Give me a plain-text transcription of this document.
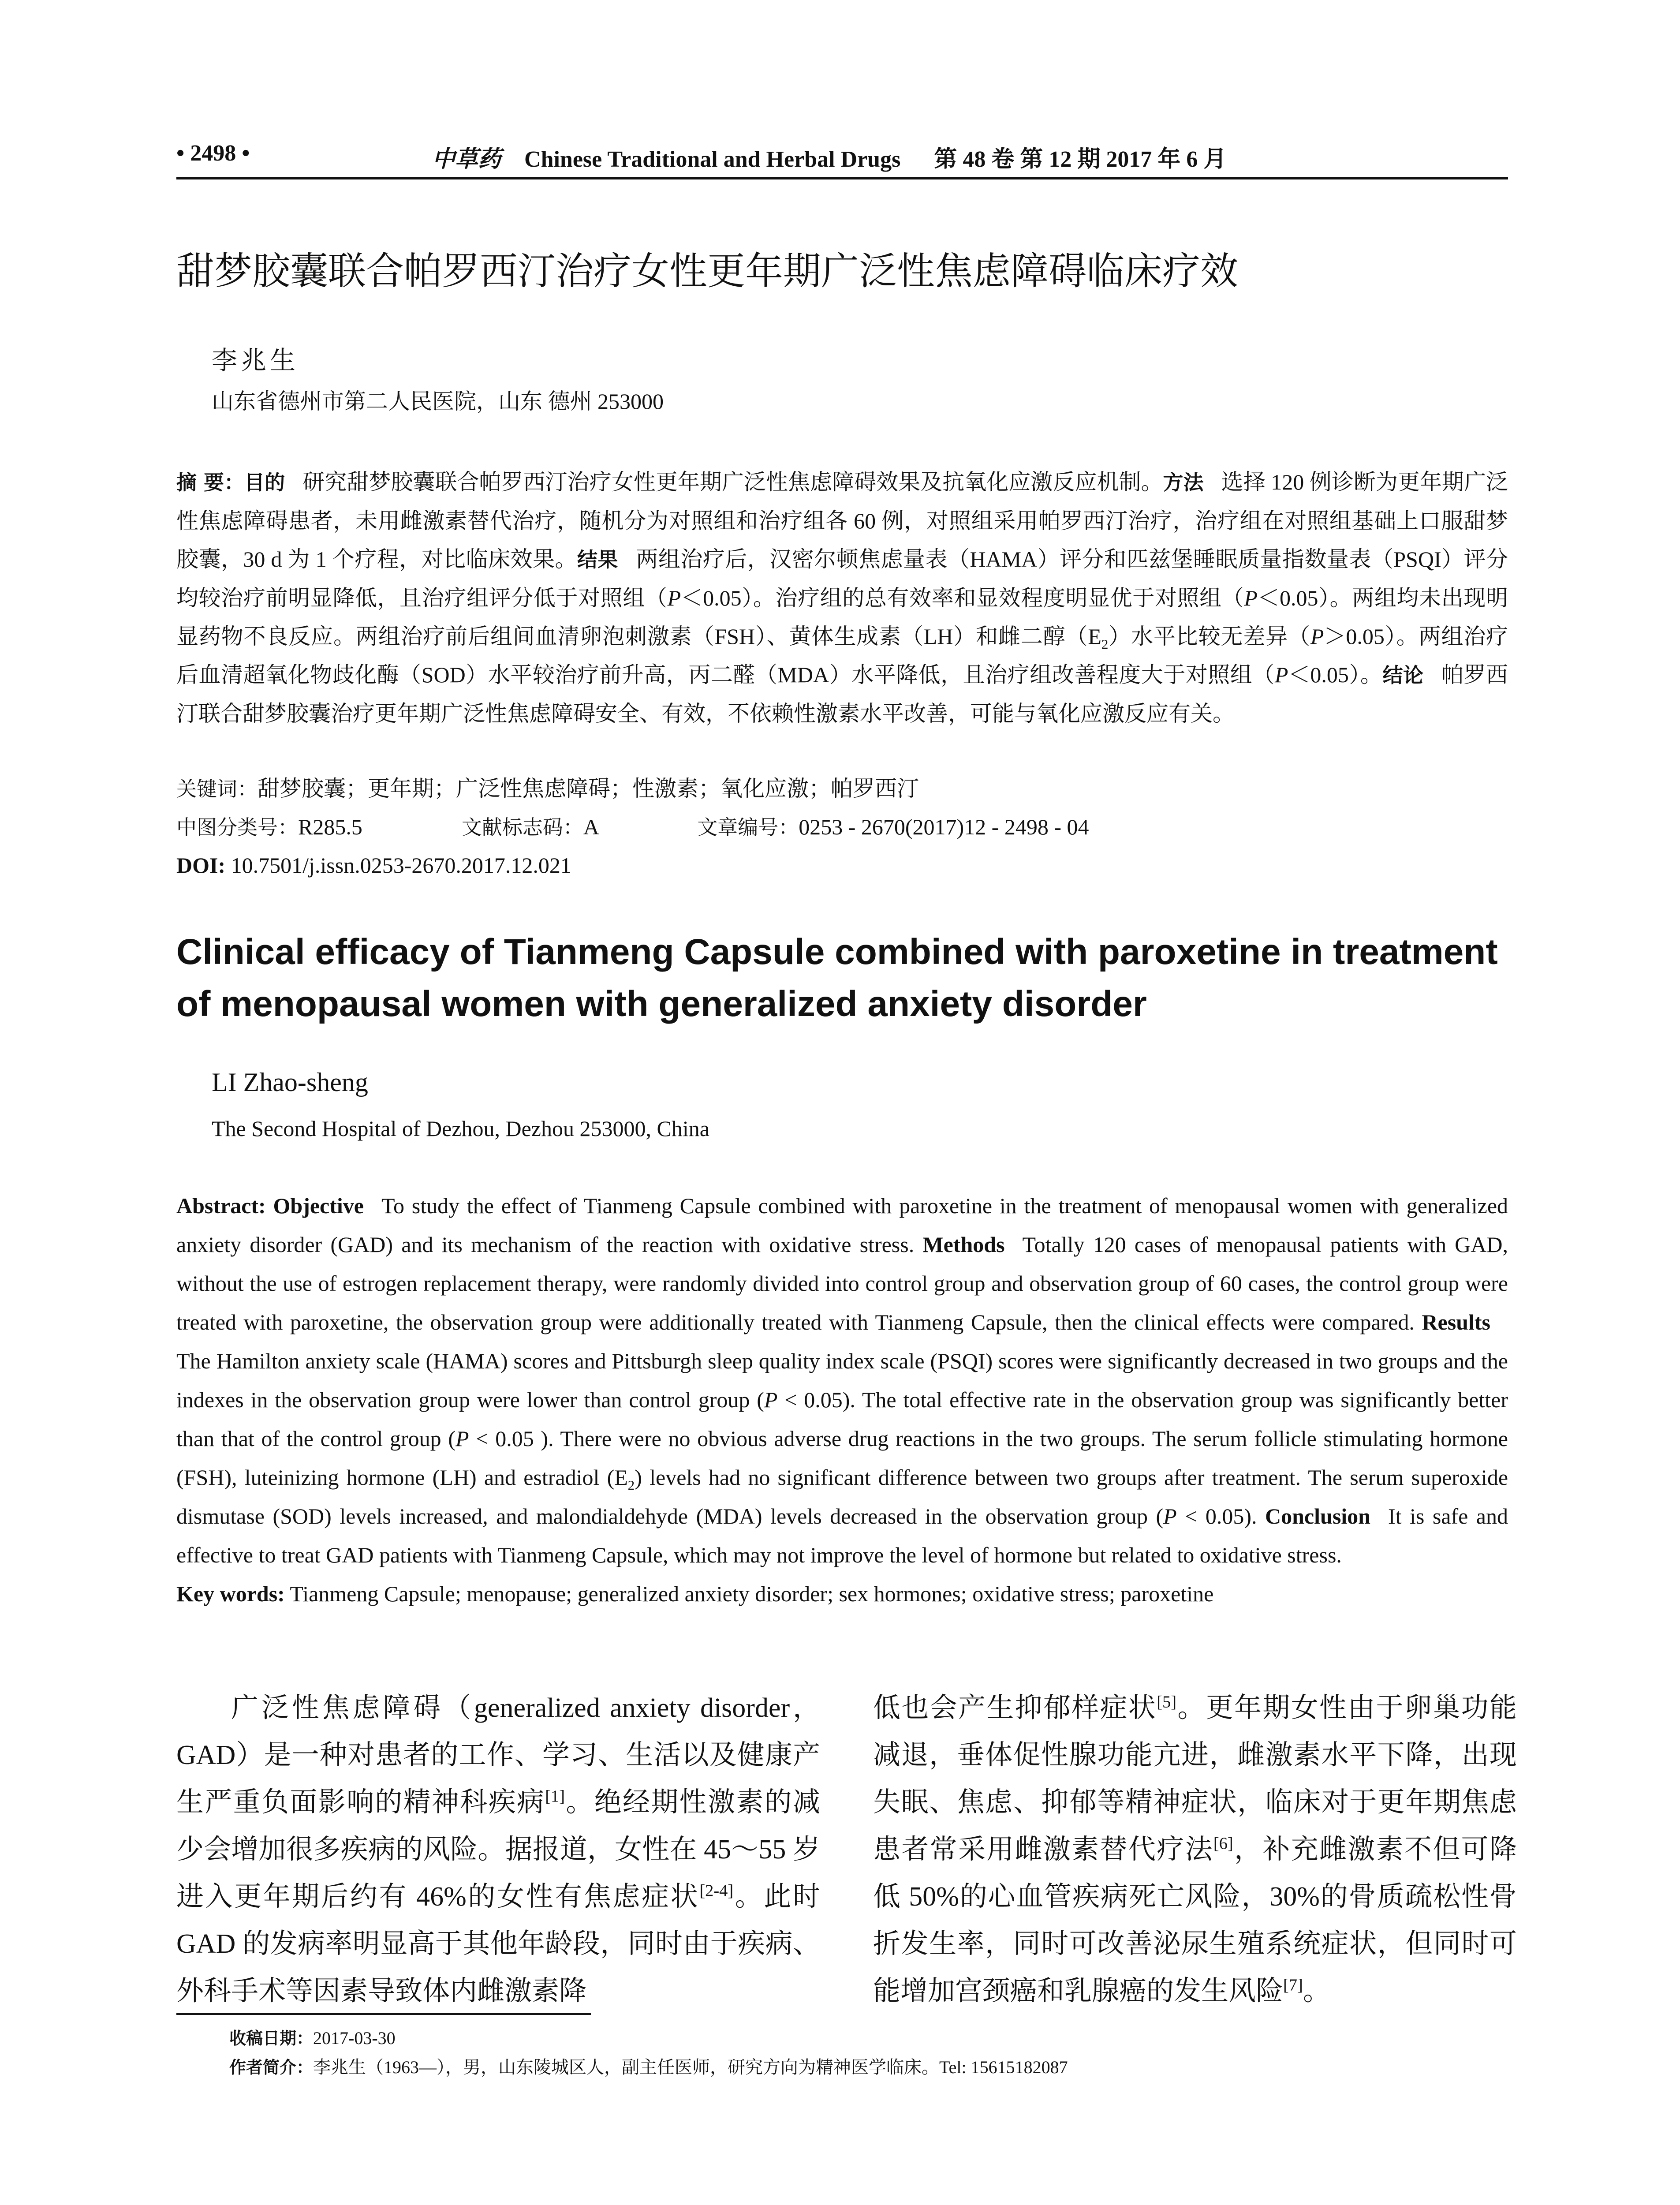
• 2498 •	中草药 Chinese Traditional and Herbal Drugs 第 48 卷 第 12 期 2017 年 6 月
甜梦胶囊联合帕罗西汀治疗女性更年期广泛性焦虑障碍临床疗效
李兆生
山东省德州市第二人民医院，山东 德州 253000

摘 要：目的 研究甜梦胶囊联合帕罗西汀治疗女性更年期广泛性焦虑障碍效果及抗氧化应激反应机制。方法 选择 120 例诊断为更年期广泛性焦虑障碍患者，未用雌激素替代治疗，随机分为对照组和治疗组各 60 例，对照组采用帕罗西汀治疗，治疗组在对照组基础上口服甜梦胶囊，30 d 为 1 个疗程，对比临床效果。结果 两组治疗后，汉密尔顿焦虑量表（HAMA）评分和匹兹堡睡眠质量指数量表（PSQI）评分均较治疗前明显降低，且治疗组评分低于对照组（P＜0.05）。治疗组的总有效率和显效程度明显优于对照组（P＜0.05）。两组均未出现明显药物不良反应。两组治疗前后组间血清卵泡刺激素（FSH）、黄体生成素（LH）和雌二醇$(E_2)$水平比较无差异（P＞0.05）。两组治疗后血清超氧化物歧化酶（SOD）水平较治疗前升高，丙二醛（MDA）水平降低，且治疗组改善程度大于对照组（P＜0.05）。结论 帕罗西汀联合甜梦胶囊治疗更年期广泛性焦虑障碍安全、有效，不依赖性激素水平改善，可能与氧化应激反应有关。

关键词：甜梦胶囊；更年期；广泛性焦虑障碍；性激素；氧化应激；帕罗西汀
中图分类号：R285.5	文献标志码：A	文章编号：0253 - 2670(2017)12 - 2498 - 04
DOI: 10.7501/j.issn.0253-2670.2017.12.021
Clinical efficacy of Tianmeng Capsule combined with paroxetine in treatment of menopausal women with generalized anxiety disorder
LI Zhao-sheng
The Second Hospital of Dezhou, Dezhou 253000, China

Abstract: Objective To study the effect of Tianmeng Capsule combined with paroxetine in the treatment of menopausal women with generalized anxiety disorder (GAD) and its mechanism of the reaction with oxidative stress. Methods Totally 120 cases of menopausal patients with GAD, without the use of estrogen replacement therapy, were randomly divided into control group and observation group of 60 cases, the control group were treated with paroxetine, the observation group were additionally treated with Tianmeng Capsule, then the clinical effects were compared. ResultsThe Hamilton anxiety scale (HAMA) scores and Pittsburgh sleep quality index scale (PSQI) scores were significantly decreased in two groups and the indexes in the observation group were lower than control group (P < 0.05). The total effective rate in the observation group was significantly better than that of the control group (P < 0.05 ). There were no obvious adverse drug reactions in the two groups. The serum follicle stimulating hormone (FSH), luteinizing hormone (LH) and estradiol $(E_2)$ levels had no significant difference between two groups after treatment. The serum superoxide dismutase (SOD) levels increased, and malondialdehyde (MDA) levels decreased in the observation group (P < 0.05). Conclusion It is safe and effective to treat GAD patients with Tianmeng Capsule, which may not improve the level of hormone but related to oxidative stress.

Key words: Tianmeng Capsule; menopause; generalized anxiety disorder; sex hormones; oxidative stress; paroxetine

广泛性焦虑障碍（generalized anxiety disorder，GAD）是一种对患者的工作、学习、生活以及健康产生严重负面影响的精神科疾病[1]。绝经期性激素的减少会增加很多疾病的风险。据报道，女性在 45～55 岁进入更年期后约有 46%的女性有焦虑症状[2-4]。此时 GAD 的发病率明显高于其他年龄段，同时由于疾病、外科手术等因素导致体内雌激素降

低也会产生抑郁样症状[5]。更年期女性由于卵巢功能减退，垂体促性腺功能亢进，雌激素水平下降，出现失眠、焦虑、抑郁等精神症状，临床对于更年期焦虑患者常采用雌激素替代疗法[6]，补充雌激素不但可降低 50%的心血管疾病死亡风险，30%的骨质疏松性骨折发生率，同时可改善泌尿生殖系统症状，但同时可能增加宫颈癌和乳腺癌的发生风险[7]。

收稿日期：2017-03-30
作者简介：李兆生（1963—），男，山东陵城区人，副主任医师，研究方向为精神医学临床。Tel: 15615182087
